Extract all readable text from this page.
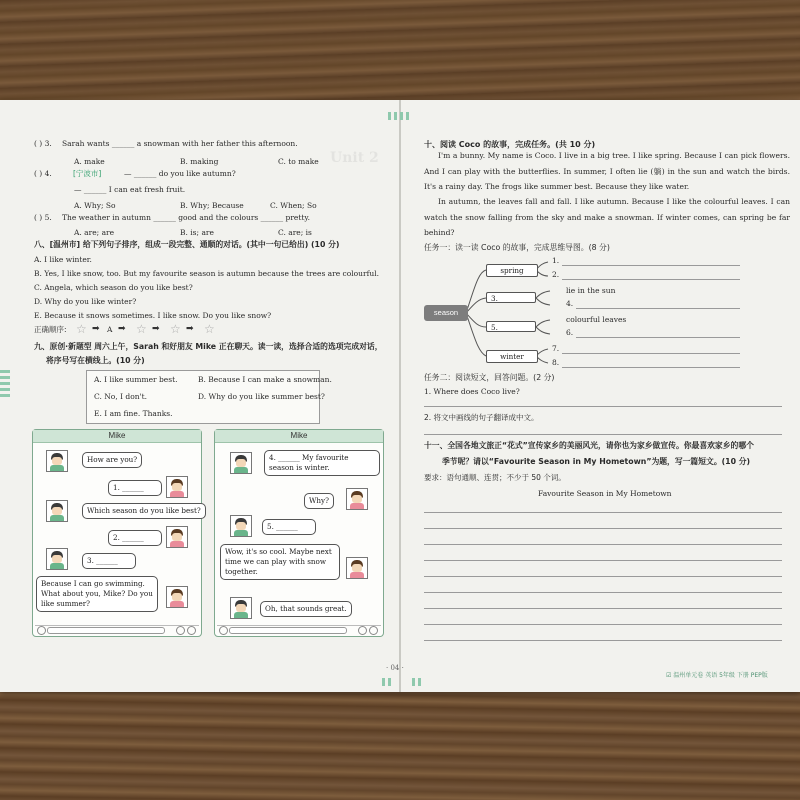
( ) 3. Sarah wants ______ a snowman with her father this afternoon.
A. make	B. making	C. to make
( ) 4.	[宁波市]	— ______ do you like autumn?
— ______ I can eat fresh fruit.
A. Why; So	B. Why; Because	C. When; So
( ) 5. The weather in autumn ______ good and the colours ______ pretty.
A. are; are	B. is; are	C. are; is
八、[温州市] 给下列句子排序，组成一段完整、通顺的对话。(其中一句已给出) (10 分)
A. I like winter.
B. Yes, I like snow, too. But my favourite season is autumn because the trees are colourful.
C. Angela, which season do you like best?
D. Why do you like winter?
E. Because it snows sometimes. I like snow. Do you like snow?
正确顺序: ☆ ➡ A ➡ ☆ ➡ ☆ ➡ ☆
九、原创·新题型 周六上午，Sarah 和好朋友 Mike 正在聊天。读一读，选择合适的选项完成对话，
将序号写在横线上。(10 分)
A. I like summer best.	B. Because I can make a snowman.
C. No, I don't.	D. Why do you like summer best?
E. I am fine. Thanks.
Mike
How are you?
1. ______
Which season do you like best?
2. ______
3. ______
Because I can go swimming. What about you, Mike? Do you like summer?
Mike
4. ______ My favourite season is winter.
Why?
5. ______
Wow, it's so cool. Maybe next time we can play with snow together.
Oh, that sounds great.
Unit 2
· 04 ·
十、阅读 Coco 的故事，完成任务。(共 10 分)
I'm a bunny. My name is Coco. I live in a big tree. I like spring. Because I can pick flowers. And I can play with the butterflies. In summer, I often lie (躺) in the sun and watch the birds. It's a rainy day. The frogs like summer best. Because they like water.
In autumn, the leaves fall and fall. I like autumn. Because I like the colourful leaves. I can watch the snow falling from the sky and make a snowman. If winter comes, can spring be far behind?
任务一：读一读 Coco 的故事，完成思维导图。(8 分)
season
spring
1.
2.
3.
lie in the sun
4.
5.
colourful leaves
6.
winter
7.
8.
任务二：阅读短文，回答问题。(2 分)
1. Where does Coco live?
2. 将文中画线的句子翻译成中文。
十一、全国各地文旅正“花式”宣传家乡的美丽风光，请你也为家乡做宣传。你最喜欢家乡的哪个
季节呢？请以“Favourite Season in My Hometown”为题，写一篇短文。(10 分)
要求：语句通顺、连贯；不少于 50 个词。
Favourite Season in My Hometown
☑ 温州单元卷 英语 5年级 下册 PEP版
